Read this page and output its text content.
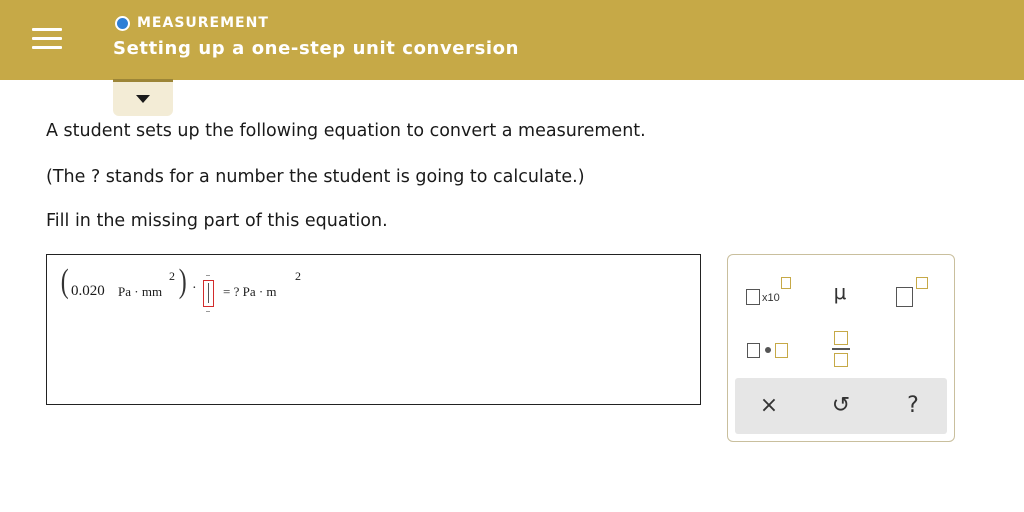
MEASUREMENT
Setting up a one-step unit conversion
A student sets up the following equation to convert a measurement.
(The ? stands for a number the student is going to calculate.)
Fill in the missing part of this equation.
( 0.020 Pa · mm
2 ) · = ? Pa · m
2
x10	μ
×	↺	?
